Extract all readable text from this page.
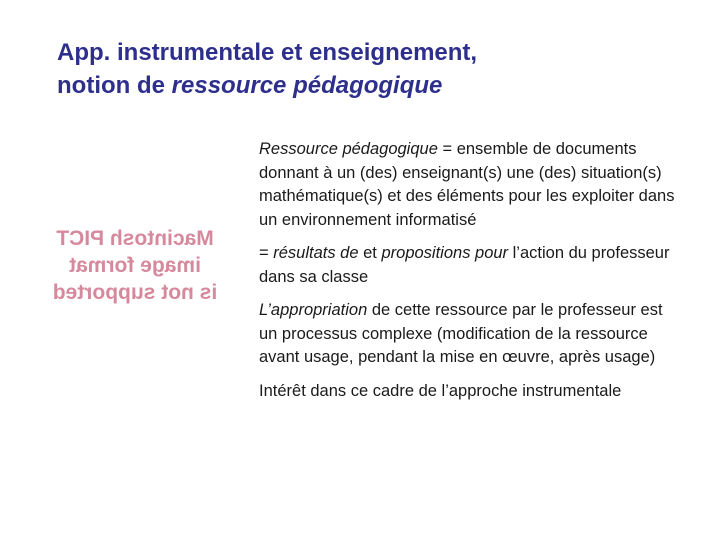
App. instrumentale et enseignement,
notion de ressource pédagogique
Macintosh PICT
image format
is not supported

Ressource pédagogique = ensemble de documents donnant à un (des) enseignant(s) une (des) situation(s) mathématique(s) et des éléments pour les exploiter dans un environnement informatisé

= résultats de et propositions pour l’action du professeur dans sa classe

L’appropriation de cette ressource par le professeur est un processus complexe (modification de la ressource avant usage, pendant la mise en œuvre, après usage)

Intérêt dans ce cadre de l’approche instrumentale
